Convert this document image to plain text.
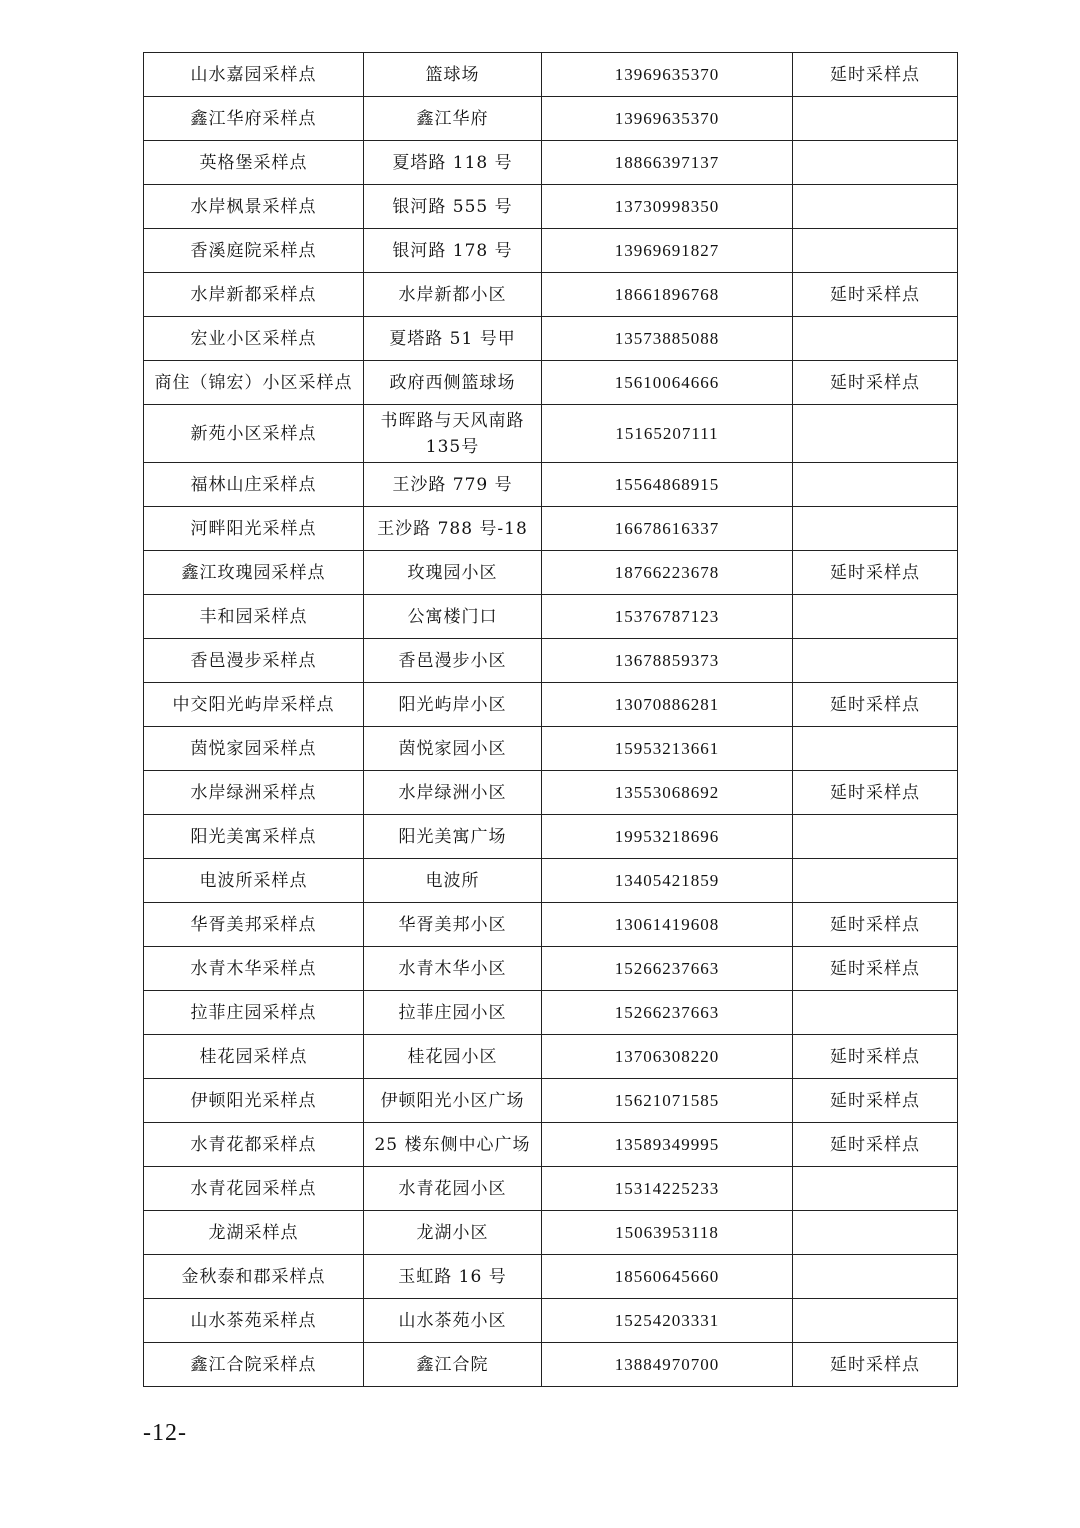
山水嘉园采样点	篮球场	13969635370	延时采样点
鑫江华府采样点	鑫江华府	13969635370	
英格堡采样点	夏塔路 118 号	18866397137	
水岸枫景采样点	银河路 555 号	13730998350	
香溪庭院采样点	银河路 178 号	13969691827	
水岸新都采样点	水岸新都小区	18661896768	延时采样点
宏业小区采样点	夏塔路 51 号甲	13573885088	
商住（锦宏）小区采样点	政府西侧篮球场	15610064666	延时采样点
新苑小区采样点	书晖路与天风南路135号	15165207111	
福林山庄采样点	王沙路 779 号	15564868915	
河畔阳光采样点	王沙路 788 号-18	16678616337	
鑫江玫瑰园采样点	玫瑰园小区	18766223678	延时采样点
丰和园采样点	公寓楼门口	15376787123	
香邑漫步采样点	香邑漫步小区	13678859373	
中交阳光屿岸采样点	阳光屿岸小区	13070886281	延时采样点
茵悦家园采样点	茵悦家园小区	15953213661	
水岸绿洲采样点	水岸绿洲小区	13553068692	延时采样点
阳光美寓采样点	阳光美寓广场	19953218696	
电波所采样点	电波所	13405421859	
华胥美邦采样点	华胥美邦小区	13061419608	延时采样点
水青木华采样点	水青木华小区	15266237663	延时采样点
拉菲庄园采样点	拉菲庄园小区	15266237663	
桂花园采样点	桂花园小区	13706308220	延时采样点
伊顿阳光采样点	伊顿阳光小区广场	15621071585	延时采样点
水青花都采样点	25 楼东侧中心广场	13589349995	延时采样点
水青花园采样点	水青花园小区	15314225233	
龙湖采样点	龙湖小区	15063953118	
金秋泰和郡采样点	玉虹路 16 号	18560645660	
山水茶苑采样点	山水茶苑小区	15254203331	
鑫江合院采样点	鑫江合院	13884970700	延时采样点
-12-
